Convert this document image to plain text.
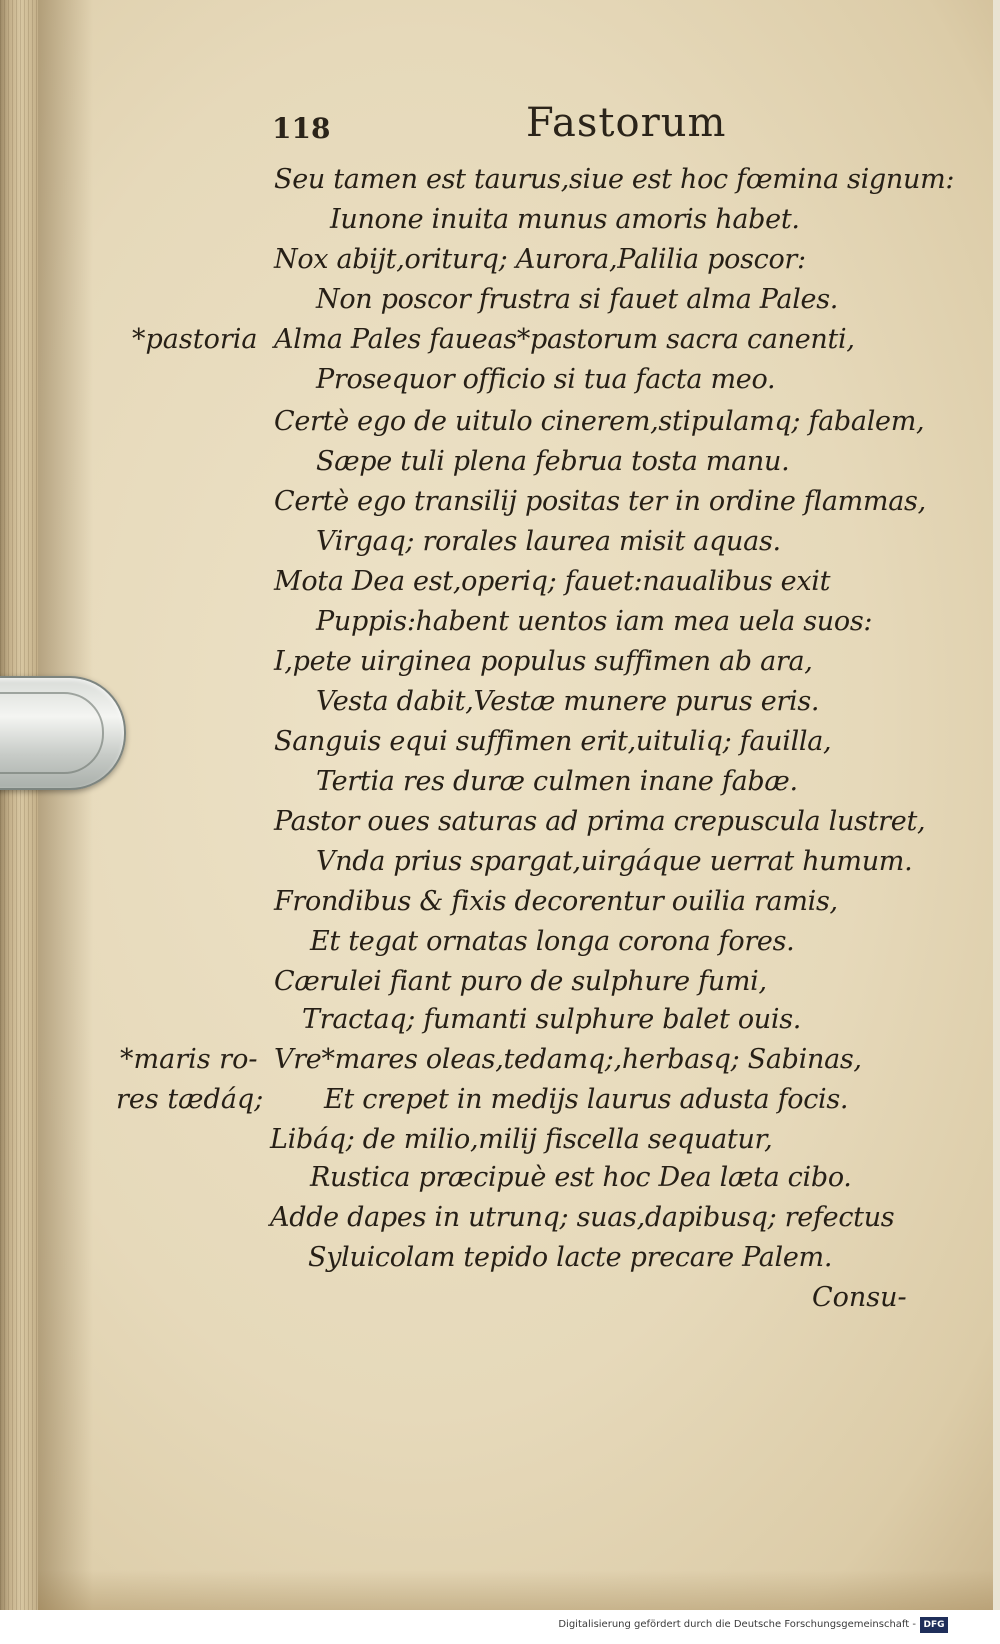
118	Fastorum
Seu tamen est taurus,siue est hoc fœmina signum:
Iunone inuita munus amoris habet.
Nox abijt,oriturq; Aurora,Palilia poscor:
Non poscor frustra si fauet alma Pales.
Alma Pales faueas*pastorum sacra canenti,
Prosequor officio si tua facta meo.
Certè ego de uitulo cinerem,stipulamq; fabalem,
Sæpe tuli plena februa tosta manu.
Certè ego transilij positas ter in ordine flammas,
Virgaq; rorales laurea misit aquas.
Mota Dea est,operiq; fauet:naualibus exit
Puppis:habent uentos iam mea uela suos:
I,pete uirginea populus suffimen ab ara,
Vesta dabit,Vestæ munere purus eris.
Sanguis equi suffimen erit,uituliq; fauilla,
Tertia res duræ culmen inane fabæ.
Pastor oues saturas ad prima crepuscula lustret,
Vnda prius spargat,uirgáque uerrat humum.
Frondibus & fixis decorentur ouilia ramis,
Et tegat ornatas longa corona fores.
Cærulei fiant puro de sulphure fumi,
Tractaq; fumanti sulphure balet ouis.
Vre*mares oleas,tedamq;,herbasq; Sabinas,
Et crepet in medijs laurus adusta focis.
Libáq; de milio,milij fiscella sequatur,
Rustica præcipuè est hoc Dea læta cibo.
Adde dapes in utrunq; suas,dapibusq; refectus
Syluicolam tepido lacte precare Palem.
*pastoria
*maris ro-
res tædáq;
Consu-
Digitalisierung gefördert durch die Deutsche Forschungsgemeinschaft - DFG
